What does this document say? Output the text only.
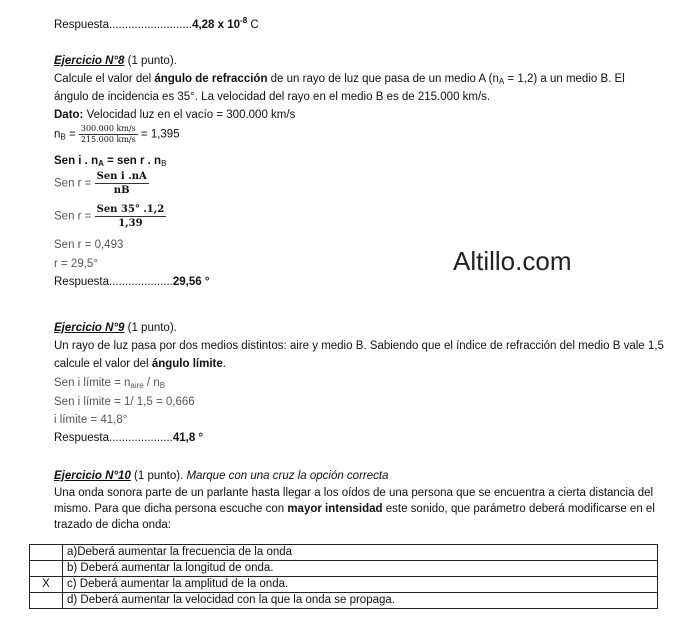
Respuesta..........................4,28 x $10^{-8}$ C
Ejercicio N°8 (1 punto).
Calcule el valor del ángulo de refracción de un rayo de luz que pasa de un medio A $(n_A = 1,2)$ a un medio B. El
ángulo de incidencia es 35°. La velocidad del rayo en el medio B es de 215.000 km/s.
Dato: Velocidad luz en el vacío = 300.000 km/s
$n_B = \frac{300.000 km/s}{215.000 km/s} = 1,395$
Sen i . $n_A$ = sen r . $n_B$
Sen $r = \frac{\text{Sen i .nA}}{nB}$
Sen $r = \frac{\text{Sen 35° .1,2}}{1,39}$
Sen r = 0,493
r = 29,5°
Respuesta....................29,56 °
Altillo.com
Ejercicio N°9 (1 punto).
Un rayo de luz pasa por dos medios distintos: aire y medio B. Sabiendo que el índice de refracción del medio B vale 1,5
calcule el valor del ángulo límite.
Sen i límite = $n_{aire} / n_B$
Sen i límite = 1/ 1,5 = 0,666
i límite = 41,8°
Respuesta....................41,8 °
Ejercicio N°10 (1 punto). Marque con una cruz la opción correcta
Una onda sonora parte de un parlante hasta llegar a los oídos de una persona que se encuentra a cierta distancia del
mismo. Para que dicha persona escuche con mayor intensidad este sonido, que parámetro deberá modificarse en el
trazado de dicha onda:
	a)Deberá aumentar la frecuencia de la onda
	b) Deberá aumentar la longitud de onda.
X	c) Deberá aumentar la amplitud de la onda.
	d) Deberá aumentar la velocidad con la que la onda se propaga.
